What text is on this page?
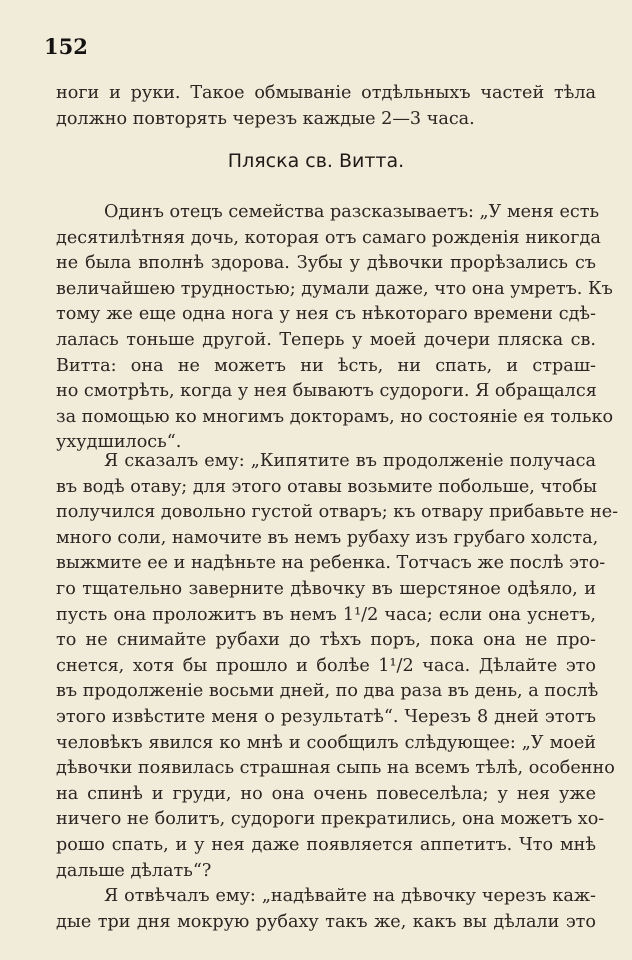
152
ноги и руки. Такое обмыванiе отдѣльныхъ частей тѣла
должно повторять черезъ каждые 2—3 часа.
Пляска св. Витта.
Одинъ отецъ семейства разсказываетъ: „У меня есть
десятилѣтняя дочь, которая отъ самаго рожденiя никогда
не была вполнѣ здорова. Зубы у дѣвочки прорѣзались съ
величайшею трудностью; думали даже, что она умретъ. Къ
тому же еще одна нога у нея съ нѣкотораго времени сдѣ-
лалась тоньше другой. Теперь у моей дочери пляска св.
Витта: она не можетъ ни ѣсть, ни спать, и страш-
но смотрѣть, когда у нея бываютъ судороги. Я обращался
за помощью ко многимъ докторамъ, но состоянiе ея только
ухудшилось“.
Я сказалъ ему: „Кипятите въ продолженiе получаса
въ водѣ отаву; для этого отавы возьмите побольше, чтобы
получился довольно густой отваръ; къ отвару прибавьте не-
много соли, намочите въ немъ рубаху изъ грубаго холста,
выжмите ее и надѣньте на ребенка. Тотчасъ же послѣ это-
го тщательно заверните дѣвочку въ шерстяное одѣяло, и
пусть она проложитъ въ немъ 1¹/2 часа; если она уснетъ,
то не снимайте рубахи до тѣхъ поръ, пока она не про-
снется, хотя бы прошло и болѣе 1¹/2 часа. Дѣлайте это
въ продолженiе восьми дней, по два раза въ день, а послѣ
этого извѣстите меня о результатѣ“. Черезъ 8 дней этотъ
человѣкъ явился ко мнѣ и сообщилъ слѣдующее: „У моей
дѣвочки появилась страшная сыпь на всемъ тѣлѣ, особенно
на спинѣ и груди, но она очень повеселѣла; у нея уже
ничего не болитъ, судороги прекратились, она можетъ хо-
рошо спать, и у нея даже появляется аппетитъ. Что мнѣ
дальше дѣлать“?
Я отвѣчалъ ему: „надѣвайте на дѣвочку черезъ каж-
дые три дня мокрую рубаху такъ же, какъ вы дѣлали это
